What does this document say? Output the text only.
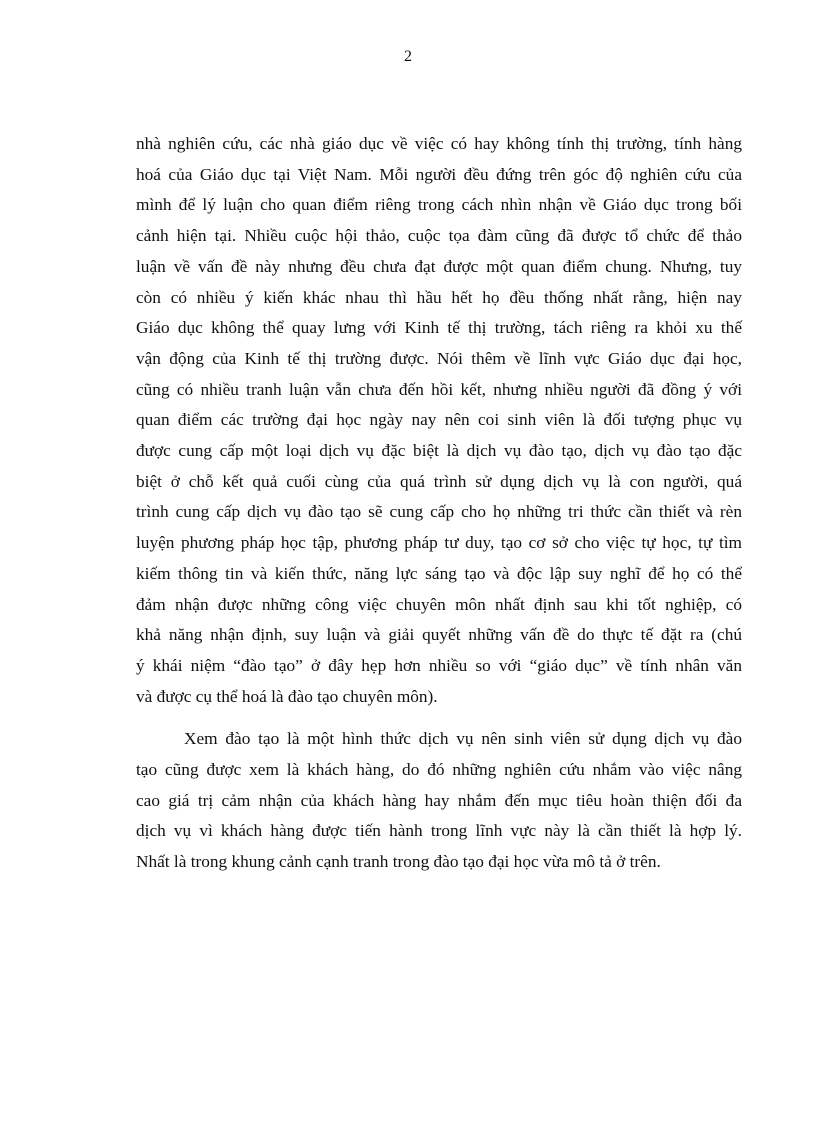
2

nhà nghiên cứu, các nhà giáo dục về việc có hay không tính thị trường, tính hàng
hoá của Giáo dục tại Việt Nam. Mỗi người đều đứng trên góc độ nghiên cứu của
mình để lý luận cho quan điểm riêng trong cách nhìn nhận về Giáo dục trong bối
cảnh hiện tại. Nhiều cuộc hội thảo, cuộc tọa đàm cũng đã được tổ chức để thảo
luận về vấn đề này nhưng đều chưa đạt được một quan điểm chung. Nhưng, tuy
còn có nhiều ý kiến khác nhau thì hầu hết họ đều thống nhất rằng, hiện nay
Giáo dục không thể quay lưng với Kinh tế thị trường, tách riêng ra khỏi xu thế
vận động của Kinh tế thị trường được. Nói thêm về lĩnh vực Giáo dục đại học,
cũng có nhiều tranh luận vẫn chưa đến hồi kết, nhưng nhiều người đã đồng ý với
quan điểm các trường đại học ngày nay nên coi sinh viên là đối tượng phục vụ
được cung cấp một loại dịch vụ đặc biệt là dịch vụ đào tạo, dịch vụ đào tạo đặc
biệt ở chỗ kết quả cuối cùng của quá trình sử dụng dịch vụ là con người, quá
trình cung cấp dịch vụ đào tạo sẽ cung cấp cho họ những tri thức cần thiết và rèn
luyện phương pháp học tập, phương pháp tư duy, tạo cơ sở cho việc tự học, tự tìm
kiếm thông tin và kiến thức, năng lực sáng tạo và độc lập suy nghĩ để họ có thể
đảm nhận được những công việc chuyên môn nhất định sau khi tốt nghiệp, có
khả năng nhận định, suy luận và giải quyết những vấn đề do thực tế đặt ra (chú
ý khái niệm “đào tạo” ở đây hẹp hơn nhiều so với “giáo dục” về tính nhân văn
và được cụ thể hoá là đào tạo chuyên môn).

Xem đào tạo là một hình thức dịch vụ nên sinh viên sử dụng dịch vụ đào
tạo cũng được xem là khách hàng, do đó những nghiên cứu nhắm vào việc nâng
cao giá trị cảm nhận của khách hàng hay nhắm đến mục tiêu hoàn thiện đối đa
dịch vụ vì khách hàng được tiến hành trong lĩnh vực này là cần thiết là hợp lý.
Nhất là trong khung cảnh cạnh tranh trong đào tạo đại học vừa mô tả ở trên.
